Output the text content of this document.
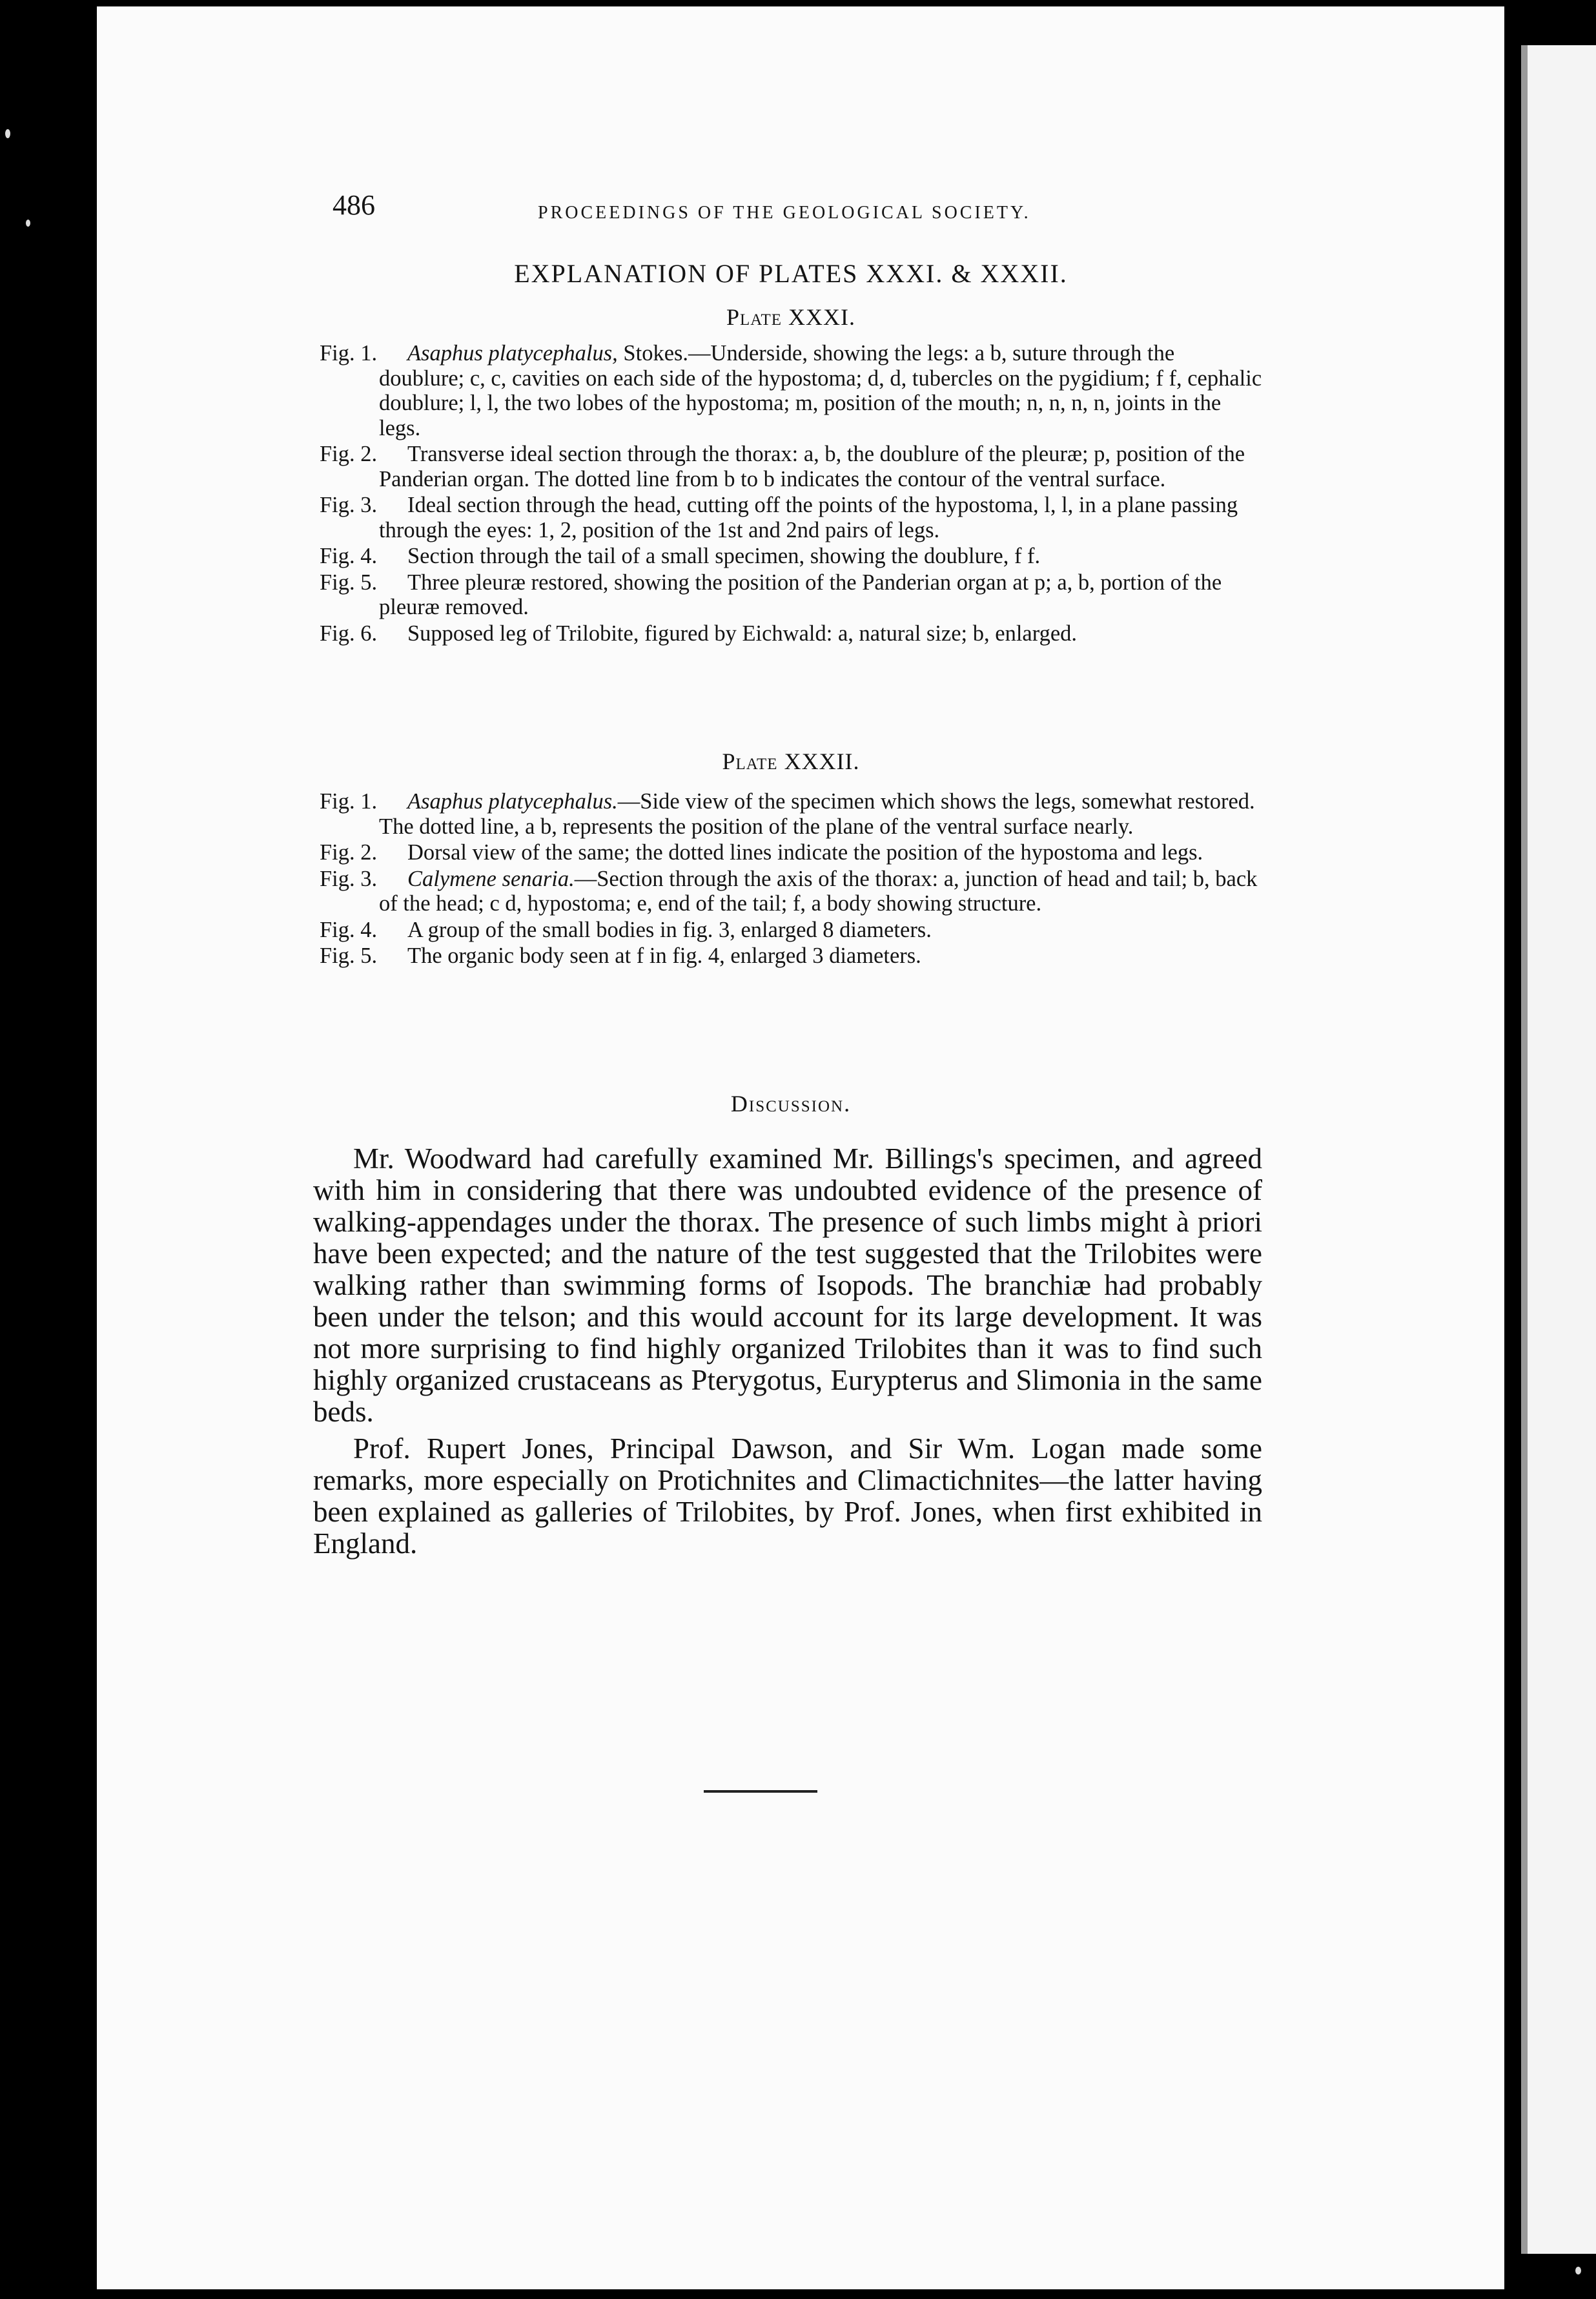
486	PROCEEDINGS OF THE GEOLOGICAL SOCIETY.
EXPLANATION OF PLATES XXXI. & XXXII.
Plate XXXI.
Fig. 1. Asaphus platycephalus, Stokes.—Underside, showing the legs: a b, suture through the doublure; c, c, cavities on each side of the hypostoma; d, d, tubercles on the pygidium; f f, cephalic doublure; l, l, the two lobes of the hypostoma; m, position of the mouth; n, n, n, n, joints in the legs.
Fig. 2. Transverse ideal section through the thorax: a, b, the doublure of the pleuræ; p, position of the Panderian organ. The dotted line from b to b indicates the contour of the ventral surface.
Fig. 3. Ideal section through the head, cutting off the points of the hypostoma, l, l, in a plane passing through the eyes: 1, 2, position of the 1st and 2nd pairs of legs.
Fig. 4. Section through the tail of a small specimen, showing the doublure, f f.
Fig. 5. Three pleuræ restored, showing the position of the Panderian organ at p; a, b, portion of the pleuræ removed.
Fig. 6. Supposed leg of Trilobite, figured by Eichwald: a, natural size; b, enlarged.
Plate XXXII.
Fig. 1. Asaphus platycephalus.—Side view of the specimen which shows the legs, somewhat restored. The dotted line, a b, represents the position of the plane of the ventral surface nearly.
Fig. 2. Dorsal view of the same; the dotted lines indicate the position of the hypostoma and legs.
Fig. 3. Calymene senaria.—Section through the axis of the thorax: a, junction of head and tail; b, back of the head; c d, hypostoma; e, end of the tail; f, a body showing structure.
Fig. 4. A group of the small bodies in fig. 3, enlarged 8 diameters.
Fig. 5. The organic body seen at f in fig. 4, enlarged 3 diameters.
Discussion.

Mr. Woodward had carefully examined Mr. Billings's specimen, and agreed with him in considering that there was undoubted evidence of the presence of walking-appendages under the thorax. The presence of such limbs might à priori have been expected; and the nature of the test suggested that the Trilobites were walking rather than swimming forms of Isopods. The branchiæ had probably been under the telson; and this would account for its large development. It was not more surprising to find highly organized Trilobites than it was to find such highly organized crustaceans as Pterygotus, Eurypterus and Slimonia in the same beds.

Prof. Rupert Jones, Principal Dawson, and Sir Wm. Logan made some remarks, more especially on Protichnites and Climactichnites—the latter having been explained as galleries of Trilobites, by Prof. Jones, when first exhibited in England.
